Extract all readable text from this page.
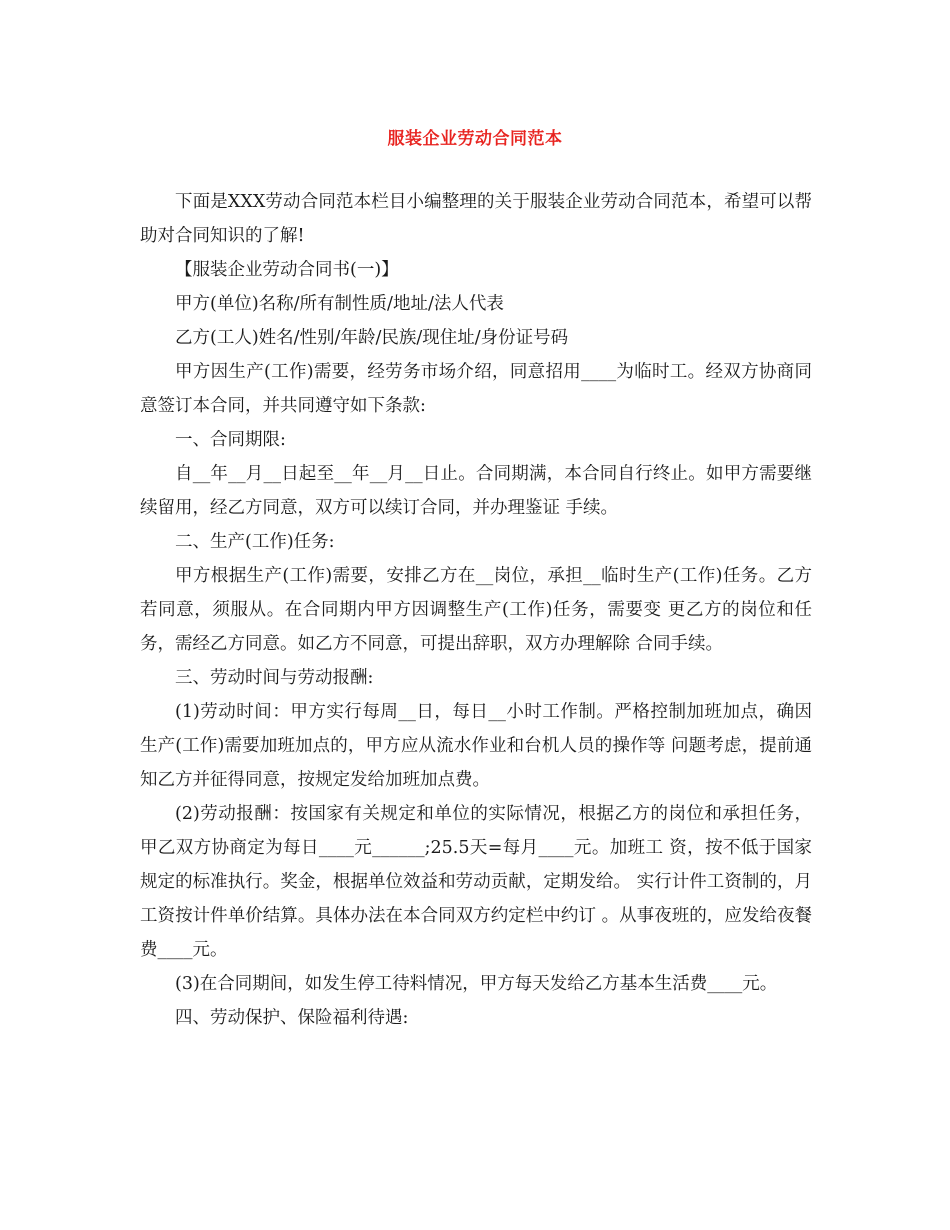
服装企业劳动合同范本

下面是XXX劳动合同范本栏目小编整理的关于服装企业劳动合同范本，希望可以帮助对合同知识的了解!

【服装企业劳动合同书(一)】

甲方(单位)名称/所有制性质/地址/法人代表

乙方(工人)姓名/性别/年龄/民族/现住址/身份证号码

甲方因生产(工作)需要，经劳务市场介绍，同意招用____为临时工。经双方协商同意签订本合同，并共同遵守如下条款:

一、合同期限:

自__年__月__日起至__年__月__日止。合同期满，本合同自行终止。如甲方需要继续留用，经乙方同意，双方可以续订合同，并办理鉴证 手续。

二、生产(工作)任务:

甲方根据生产(工作)需要，安排乙方在__岗位，承担__临时生产(工作)任务。乙方若同意，须服从。在合同期内甲方因调整生产(工作)任务，需要变 更乙方的岗位和任务，需经乙方同意。如乙方不同意，可提出辞职，双方办理解除 合同手续。

三、劳动时间与劳动报酬:

(1)劳动时间：甲方实行每周__日，每日__小时工作制。严格控制加班加点，确因生产(工作)需要加班加点的，甲方应从流水作业和台机人员的操作等 问题考虑，提前通知乙方并征得同意，按规定发给加班加点费。

(2)劳动报酬：按国家有关规定和单位的实际情况，根据乙方的岗位和承担任务，甲乙双方协商定为每日____元______;25.5天=每月____元。加班工 资，按不低于国家规定的标准执行。奖金，根据单位效益和劳动贡献，定期发给。 实行计件工资制的，月工资按计件单价结算。具体办法在本合同双方约定栏中约订 。从事夜班的，应发给夜餐费____元。

(3)在合同期间，如发生停工待料情况，甲方每天发给乙方基本生活费____元。

四、劳动保护、保险福利待遇:
